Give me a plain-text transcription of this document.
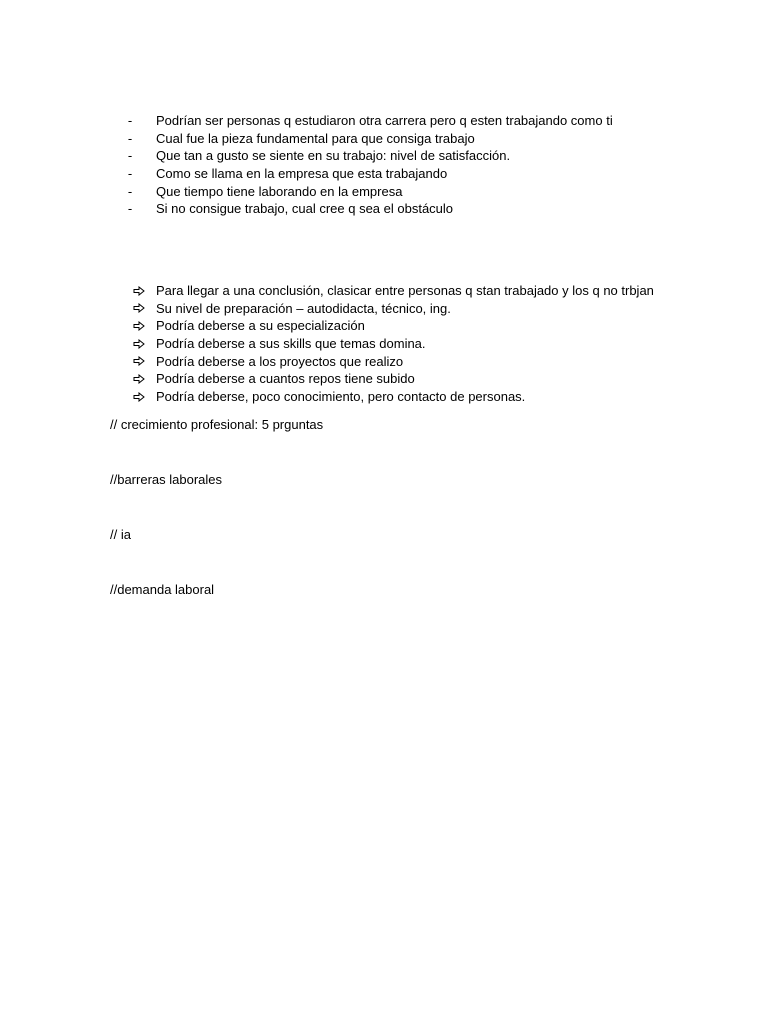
-	Podrían ser personas q estudiaron otra carrera pero q esten trabajando como ti
-	Cual fue la pieza fundamental para que consiga trabajo
-	Que tan a gusto se siente en su trabajo: nivel de satisfacción.
-	Como se llama en la empresa que esta trabajando
-	Que tiempo tiene laborando en la empresa
-	Si no consigue trabajo, cual cree q sea el obstáculo
Para llegar a una conclusión, clasicar entre personas q stan trabajado y los q no trbjan
Su nivel de preparación – autodidacta, técnico, ing.
Podría deberse a su especialización
Podría deberse a sus skills que temas domina.
Podría deberse a los proyectos que realizo
Podría deberse a cuantos repos tiene subido
Podría deberse, poco conocimiento, pero contacto de personas.
// crecimiento profesional: 5 prguntas
//barreras laborales
// ia
//demanda laboral
